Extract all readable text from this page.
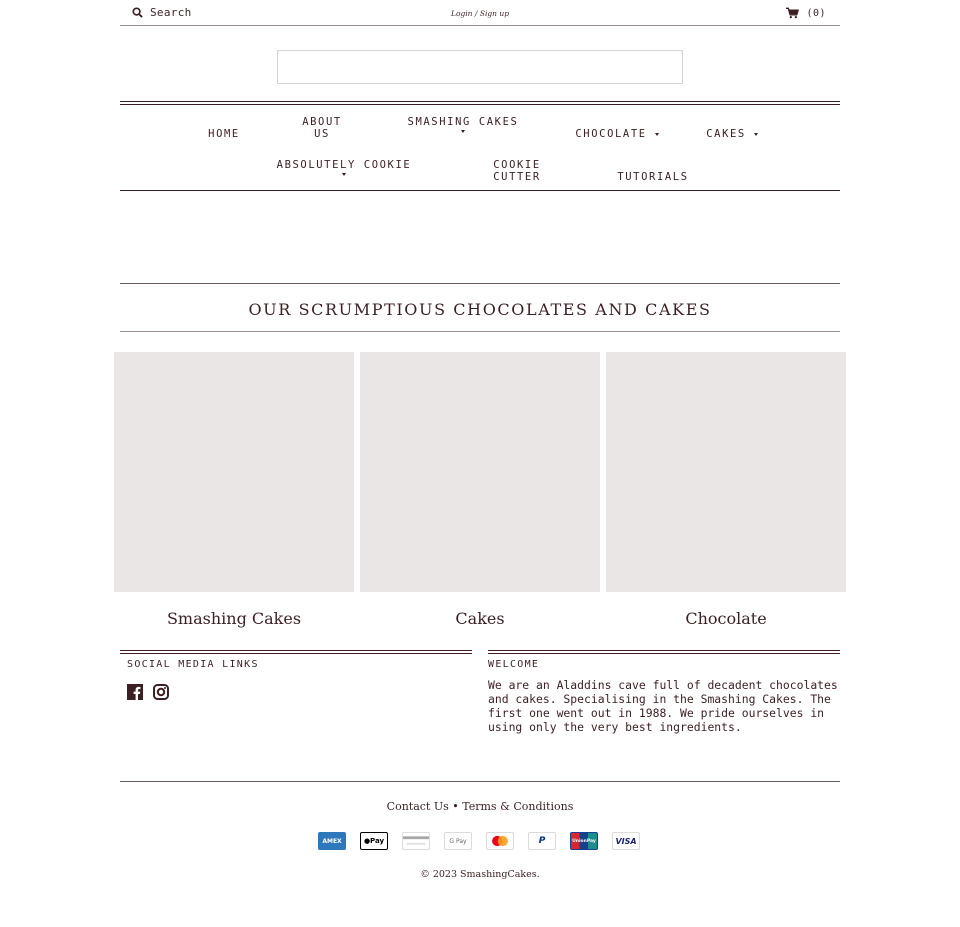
Search	Login / Sign up	(0)
HOME
ABOUT
US
SMASHING CAKES
CHOCOLATE	CAKES
ABSOLUTELY COOKIE	COOKIE
CUTTER	TUTORIALS
OUR SCRUMPTIOUS CHOCOLATES AND CAKES
Smashing Cakes	Cakes	Chocolate
SOCIAL MEDIA LINKS	WELCOME
We are an Aladdins cave full of decadent chocolates and cakes. Specialising in the Smashing Cakes. The first one went out in 1988. We pride ourselves in using only the very best ingredients.
Contact Us • Terms & Conditions
AMEX	● Pay	G Pay	P	UnionPay VISA
© 2023 SmashingCakes.
